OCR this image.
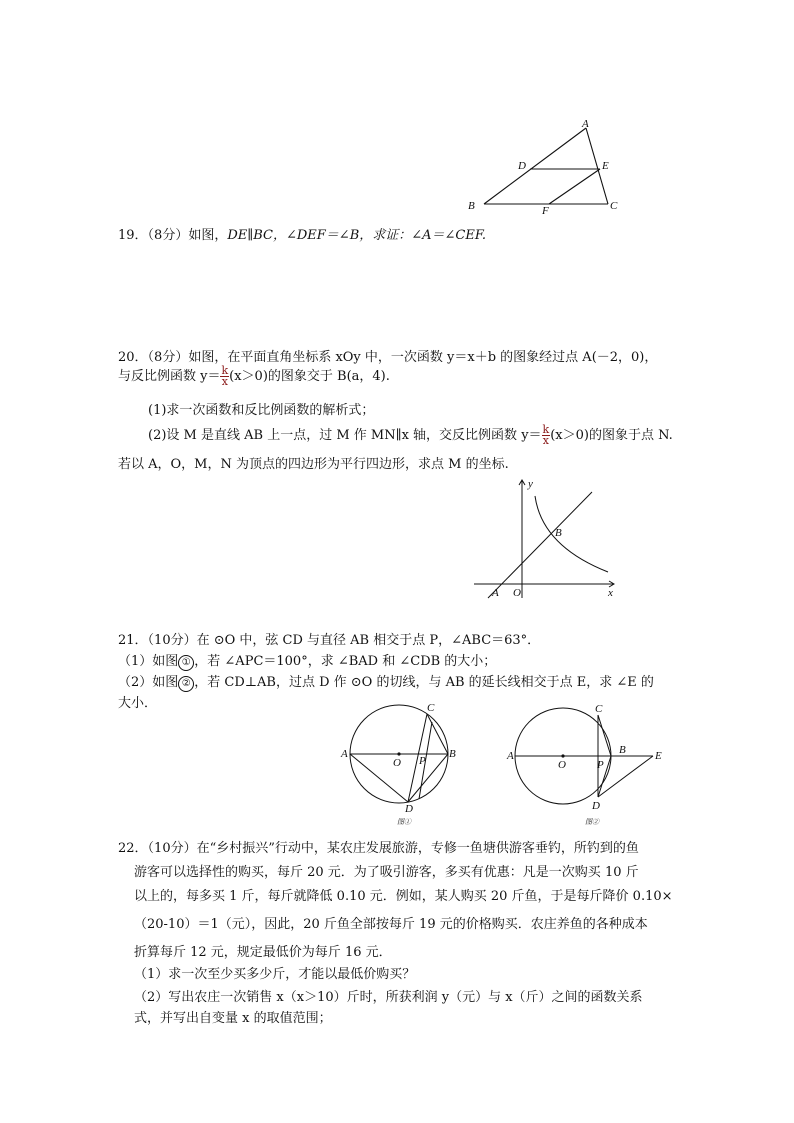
A
D	E
B	F	C
19．（8分）如图，DE∥BC，∠DEF＝∠B，求证：∠A＝∠CEF.
20．（8分）如图，在平面直角坐标系 xOy 中，一次函数 y＝x＋b 的图象经过点 A(－2，0)，
与反比例函数 $y= \frac{k}{x} (x>0)$的图象交于 B(a，4).
(1)求一次函数和反比例函数的解析式；
(2)设 M 是直线 AB 上一点，过 M 作 MN∥x 轴，交反比例函数 $y= \frac{k}{x} (x>0)$的图象于点 N.
若以 A，O，M，N 为顶点的四边形为平行四边形，求点 M 的坐标.
y
B
A O	x
21．（10分）在 ⊙O 中，弦 CD 与直径 AB 相交于点 P，∠ABC＝63°．
（1）如图 ① ，若 ∠APC＝100°，求 ∠BAD 和 ∠CDB 的大小；
（2）如图 ② ，若 CD⊥AB，过点 D 作 ⊙O 的切线，与 AB 的延长线相交于点 E，求 ∠E 的
大小．	C
A
O P
B
D
图①
C
A
O	P
B	E
D
图②
22．（10分）在“乡村振兴”行动中，某农庄发展旅游，专修一鱼塘供游客垂钓，所钓到的鱼
游客可以选择性的购买，每斤 20 元．为了吸引游客，多买有优惠：凡是一次购买 10 斤
以上的，每多买 1 斤，每斤就降低 0.10 元．例如，某人购买 20 斤鱼，于是每斤降价 0.10×
（20-10）＝1（元），因此，20 斤鱼全部按每斤 19 元的价格购买．农庄养鱼的各种成本
折算每斤 12 元，规定最低价为每斤 16 元．
（1）求一次至少买多少斤，才能以最低价购买？
（2）写出农庄一次销售 x（x＞10）斤时，所获利润 y（元）与 x（斤）之间的函数关系
式，并写出自变量 x 的取值范围；
